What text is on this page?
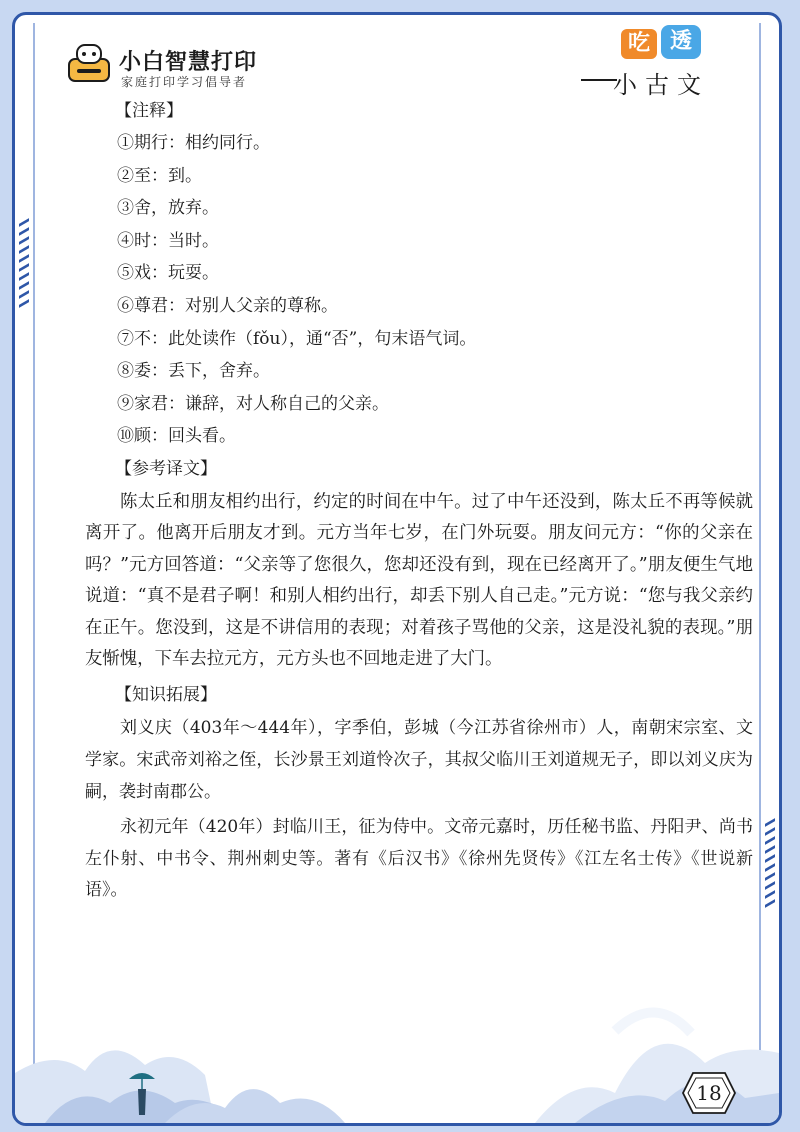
小白智慧打印
家庭打印学习倡导者
吃 透
小古文
【注释】
①期行：相约同行。
②至：到。
③舍，放弃。
④时：当时。
⑤戏：玩耍。
⑥尊君：对别人父亲的尊称。
⑦不：此处读作（fǒu），通“否”，句末语气词。
⑧委：丢下，舍弃。
⑨家君：谦辞，对人称自己的父亲。
⑩顾：回头看。
【参考译文】

陈太丘和朋友相约出行，约定的时间在中午。过了中午还没到，陈太丘不再等候就离开了。他离开后朋友才到。元方当年七岁，在门外玩耍。朋友问元方：“你的父亲在吗？”元方回答道：“父亲等了您很久，您却还没有到，现在已经离开了。”朋友便生气地说道：“真不是君子啊！和别人相约出行，却丢下别人自己走。”元方说：“您与我父亲约在正午。您没到，这是不讲信用的表现；对着孩子骂他的父亲，这是没礼貌的表现。”朋友惭愧，下车去拉元方，元方头也不回地走进了大门。

【知识拓展】

刘义庆（403年～444年），字季伯，彭城（今江苏省徐州市）人，南朝宋宗室、文学家。宋武帝刘裕之侄，长沙景王刘道怜次子，其叔父临川王刘道规无子，即以刘义庆为嗣，袭封南郡公。

永初元年（420年）封临川王，征为侍中。文帝元嘉时，历任秘书监、丹阳尹、尚书左仆射、中书令、荆州刺史等。著有《后汉书》《徐州先贤传》《江左名士传》《世说新语》。

18
